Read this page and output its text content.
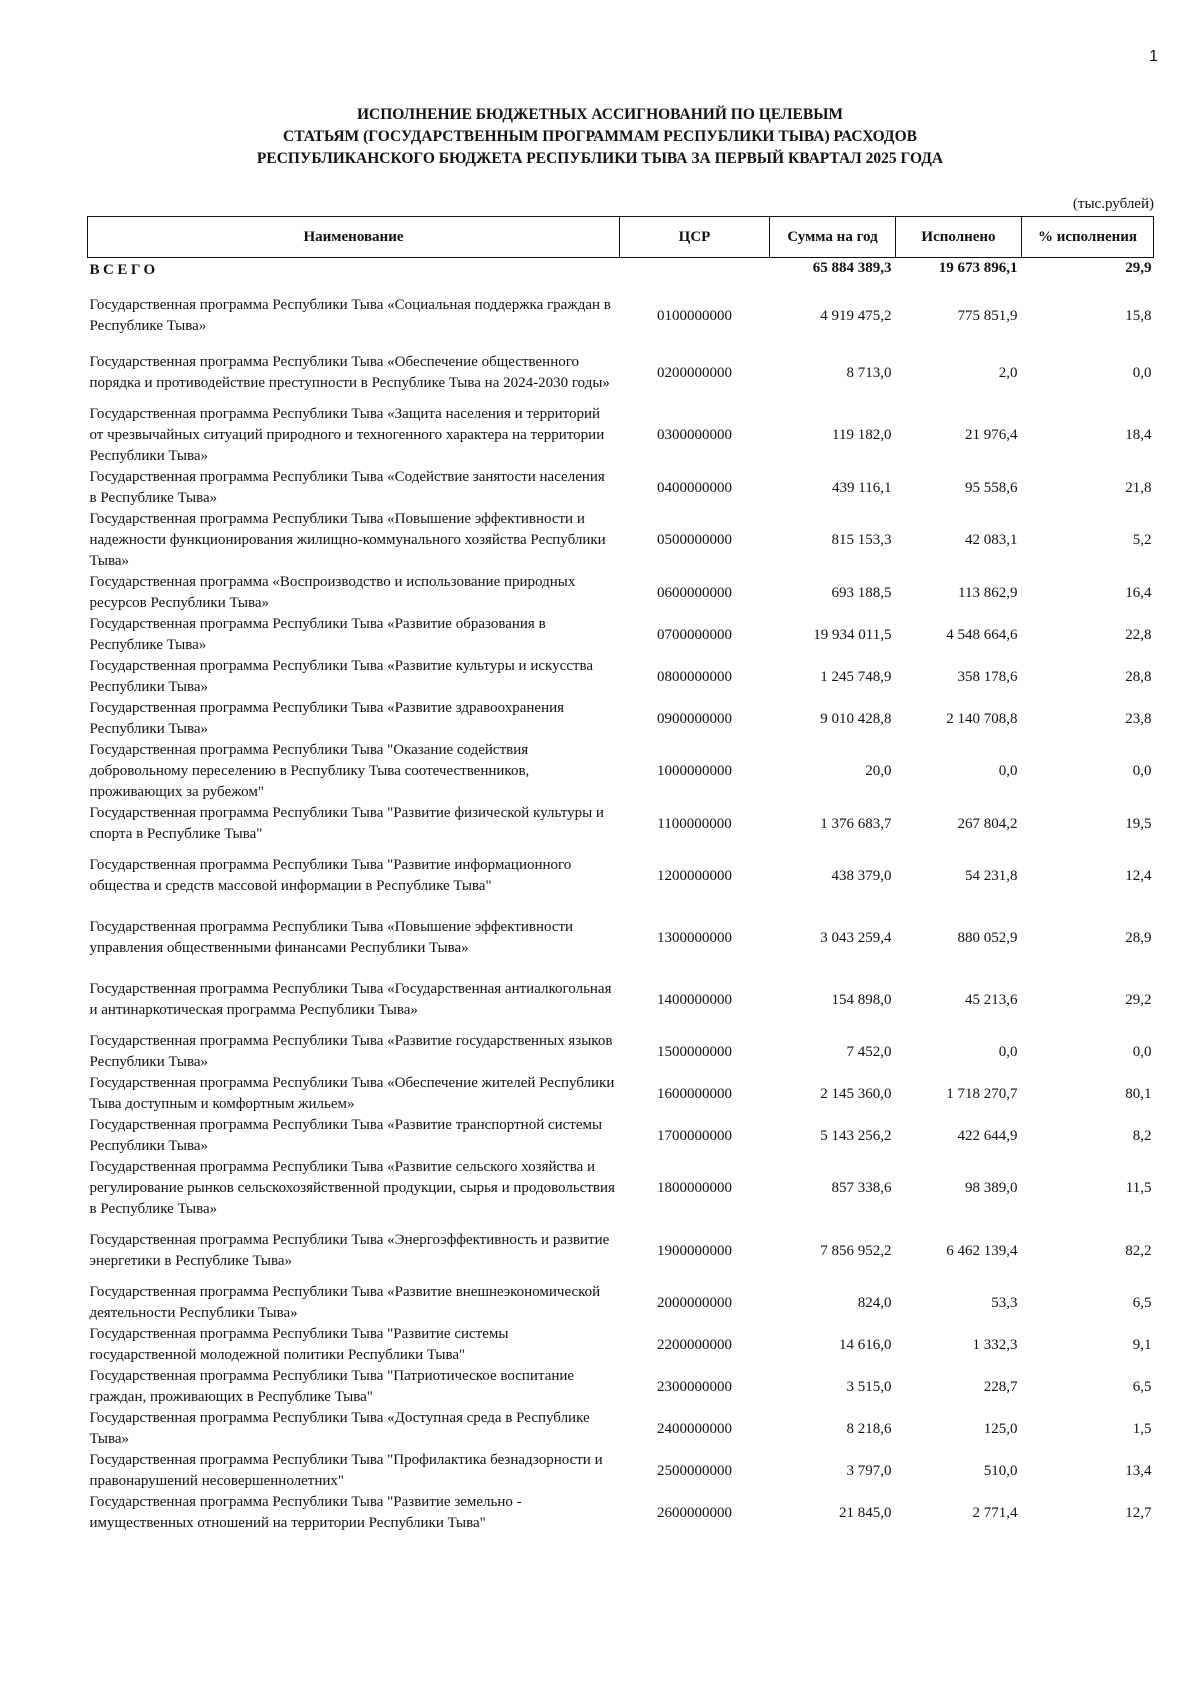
1
ИСПОЛНЕНИЕ БЮДЖЕТНЫХ АССИГНОВАНИЙ ПО ЦЕЛЕВЫМ
СТАТЬЯМ (ГОСУДАРСТВЕННЫМ ПРОГРАММАМ РЕСПУБЛИКИ ТЫВА) РАСХОДОВ
РЕСПУБЛИКАНСКОГО БЮДЖЕТА РЕСПУБЛИКИ ТЫВА ЗА ПЕРВЫЙ КВАРТАЛ 2025 ГОДА
(тыс.рублей)
Наименование	ЦСР	Сумма на год	Исполнено	% исполнения
ВСЕГО		65 884 389,3	19 673 896,1	29,9
Государственная программа Республики Тыва «Социальная поддержка граждан в Республике Тыва»	0100000000	4 919 475,2	775 851,9	15,8
Государственная программа Республики Тыва «Обеспечение общественного порядка и противодействие преступности в Республике Тыва на 2024-2030 годы»	0200000000	8 713,0	2,0	0,0
Государственная программа Республики Тыва «Защита населения и территорий от чрезвычайных ситуаций природного и техногенного характера на территории Республики Тыва»	0300000000	119 182,0	21 976,4	18,4
Государственная программа Республики Тыва «Содействие занятости населения в Республике Тыва»	0400000000	439 116,1	95 558,6	21,8
Государственная программа Республики Тыва «Повышение эффективности и надежности функционирования жилищно-коммунального хозяйства Республики Тыва»	0500000000	815 153,3	42 083,1	5,2
Государственная программа «Воспроизводство и использование природных ресурсов Республики Тыва»	0600000000	693 188,5	113 862,9	16,4
Государственная программа Республики Тыва «Развитие образования в Республике Тыва»	0700000000	19 934 011,5	4 548 664,6	22,8
Государственная программа Республики Тыва «Развитие культуры и искусства Республики Тыва»	0800000000	1 245 748,9	358 178,6	28,8
Государственная программа Республики Тыва «Развитие здравоохранения Республики Тыва»	0900000000	9 010 428,8	2 140 708,8	23,8
Государственная программа Республики Тыва "Оказание содействия добровольному переселению в Республику Тыва соотечественников, проживающих за рубежом"	1000000000	20,0	0,0	0,0
Государственная программа Республики Тыва "Развитие физической культуры и спорта в Республике Тыва"	1100000000	1 376 683,7	267 804,2	19,5
Государственная программа Республики Тыва "Развитие информационного общества и средств массовой информации в Республике Тыва"	1200000000	438 379,0	54 231,8	12,4
Государственная программа Республики Тыва «Повышение эффективности управления общественными финансами Республики Тыва»	1300000000	3 043 259,4	880 052,9	28,9
Государственная программа Республики Тыва «Государственная антиалкогольная и антинаркотическая программа Республики Тыва»	1400000000	154 898,0	45 213,6	29,2
Государственная программа Республики Тыва «Развитие государственных языков Республики Тыва»	1500000000	7 452,0	0,0	0,0
Государственная программа Республики Тыва «Обеспечение жителей Республики Тыва доступным и комфортным жильем»	1600000000	2 145 360,0	1 718 270,7	80,1
Государственная программа Республики Тыва «Развитие транспортной системы Республики Тыва»	1700000000	5 143 256,2	422 644,9	8,2
Государственная программа Республики Тыва «Развитие сельского хозяйства и регулирование рынков сельскохозяйственной продукции, сырья и продовольствия в Республике Тыва»	1800000000	857 338,6	98 389,0	11,5
Государственная программа Республики Тыва «Энергоэффективность и развитие энергетики в Республике Тыва»	1900000000	7 856 952,2	6 462 139,4	82,2
Государственная программа Республики Тыва «Развитие внешнеэкономической деятельности Республики Тыва»	2000000000	824,0	53,3	6,5
Государственная программа Республики Тыва "Развитие системы государственной молодежной политики Республики Тыва"	2200000000	14 616,0	1 332,3	9,1
Государственная программа Республики Тыва "Патриотическое воспитание граждан, проживающих в Республике Тыва"	2300000000	3 515,0	228,7	6,5
Государственная программа Республики Тыва «Доступная среда в Республике Тыва»	2400000000	8 218,6	125,0	1,5
Государственная программа Республики Тыва "Профилактика безнадзорности и правонарушений несовершеннолетних"	2500000000	3 797,0	510,0	13,4
Государственная программа Республики Тыва "Развитие земельно - имущественных отношений на территории Республики Тыва"	2600000000	21 845,0	2 771,4	12,7
